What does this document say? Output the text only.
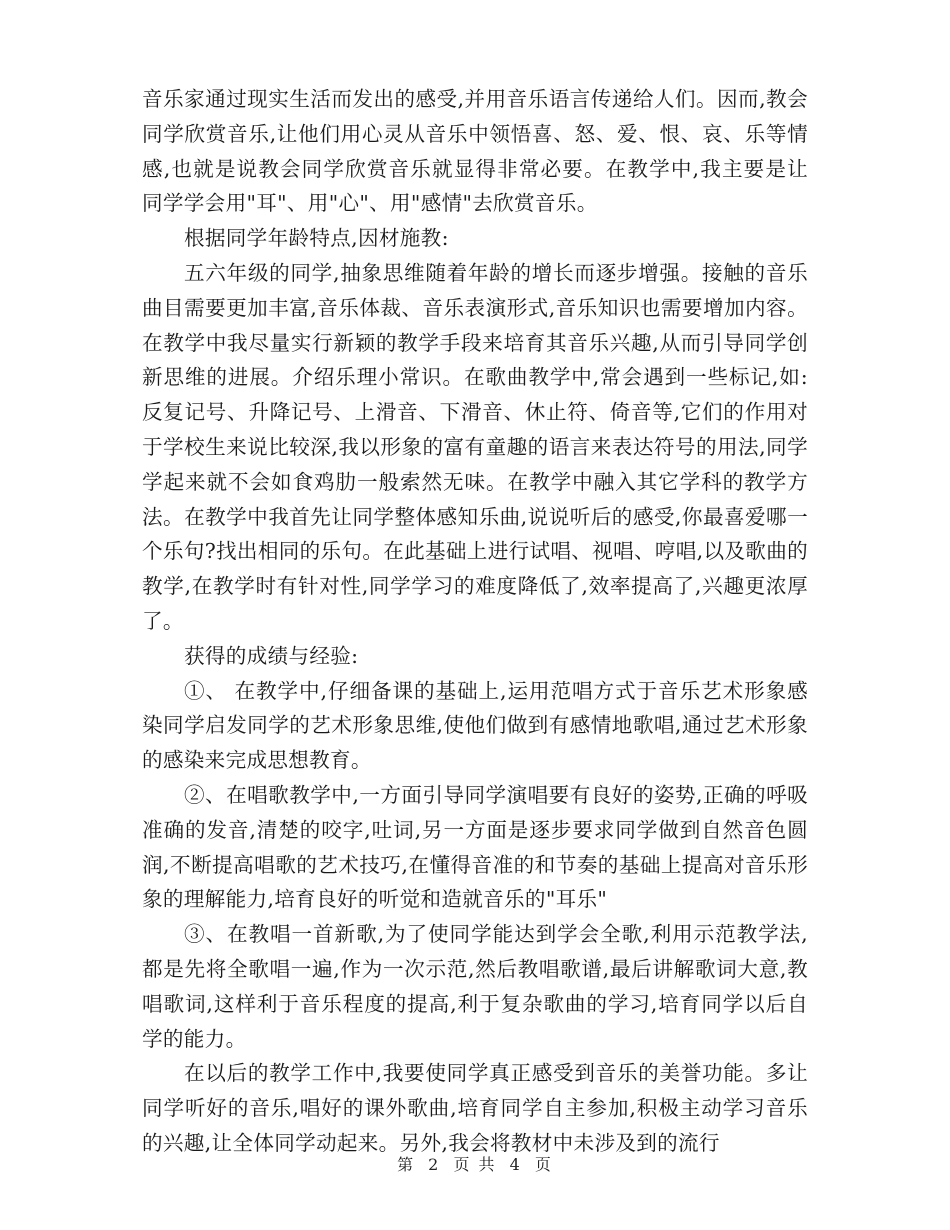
音乐家通过现实生活而发出的感受,并用音乐语言传递给人们。因而,教会同学欣赏音乐,让他们用心灵从音乐中领悟喜、怒、爱、恨、哀、乐等情感,也就是说教会同学欣赏音乐就显得非常必要。在教学中,我主要是让 同学学会用"耳"、用"心"、用"感情"去欣赏音乐。

根据同学年龄特点,因材施教:

五六年级的同学,抽象思维随着年龄的增长而逐步增强。接触的音乐曲目需要更加丰富,音乐体裁、音乐表演形式,音乐知识也需要增加内容。在教学中我尽量实行新颖的教学手段来培育其音乐兴趣,从而引导同学创新思维的进展。介绍乐理小常识。在歌曲教学中,常会遇到一些标记,如:反复记号、升降记号、上滑音、下滑音、休止符、倚音等,它们的作用对于学校生来说比较深,我以形象的富有童趣的语言来表达符号的用法,同学学起来就不会如食鸡肋一般索然无味。在教学中融入其它学科的教学方法。在教学中我首先让同学整体感知乐曲,说说听后的感受,你最喜爱哪一个乐句?找出相同的乐句。在此基础上进行试唱、视唱、哼唱,以及歌曲的教学,在教学时有针对性,同学学习的难度降低了,效率提高了,兴趣更浓厚了。

获得的成绩与经验:

①、 在教学中,仔细备课的基础上,运用范唱方式于音乐艺术形象感染同学启发同学的艺术形象思维,使他们做到有感情地歌唱,通过艺术形象的感染来完成思想教育。

②、在唱歌教学中,一方面引导同学演唱要有良好的姿势,正确的呼吸准确的发音,清楚的咬字,吐词,另一方面是逐步要求同学做到自然音色圆润,不断提高唱歌的艺术技巧,在懂得音准的和节奏的基础上提高对音乐形象的理解能力,培育良好的听觉和造就音乐的"耳乐"

③、在教唱一首新歌,为了使同学能达到学会全歌,利用示范教学法,都是先将全歌唱一遍,作为一次示范,然后教唱歌谱,最后讲解歌词大意,教唱歌词,这样利于音乐程度的提高,利于复杂歌曲的学习,培育同学以后自学的能力。

在以后的教学工作中,我要使同学真正感受到音乐的美誉功能。多让同学听好的音乐,唱好的课外歌曲,培育同学自主参加,积极主动学习音乐的兴趣,让全体同学动起来。另外,我会将教材中未涉及到的流行

第 2 页 共 4 页
